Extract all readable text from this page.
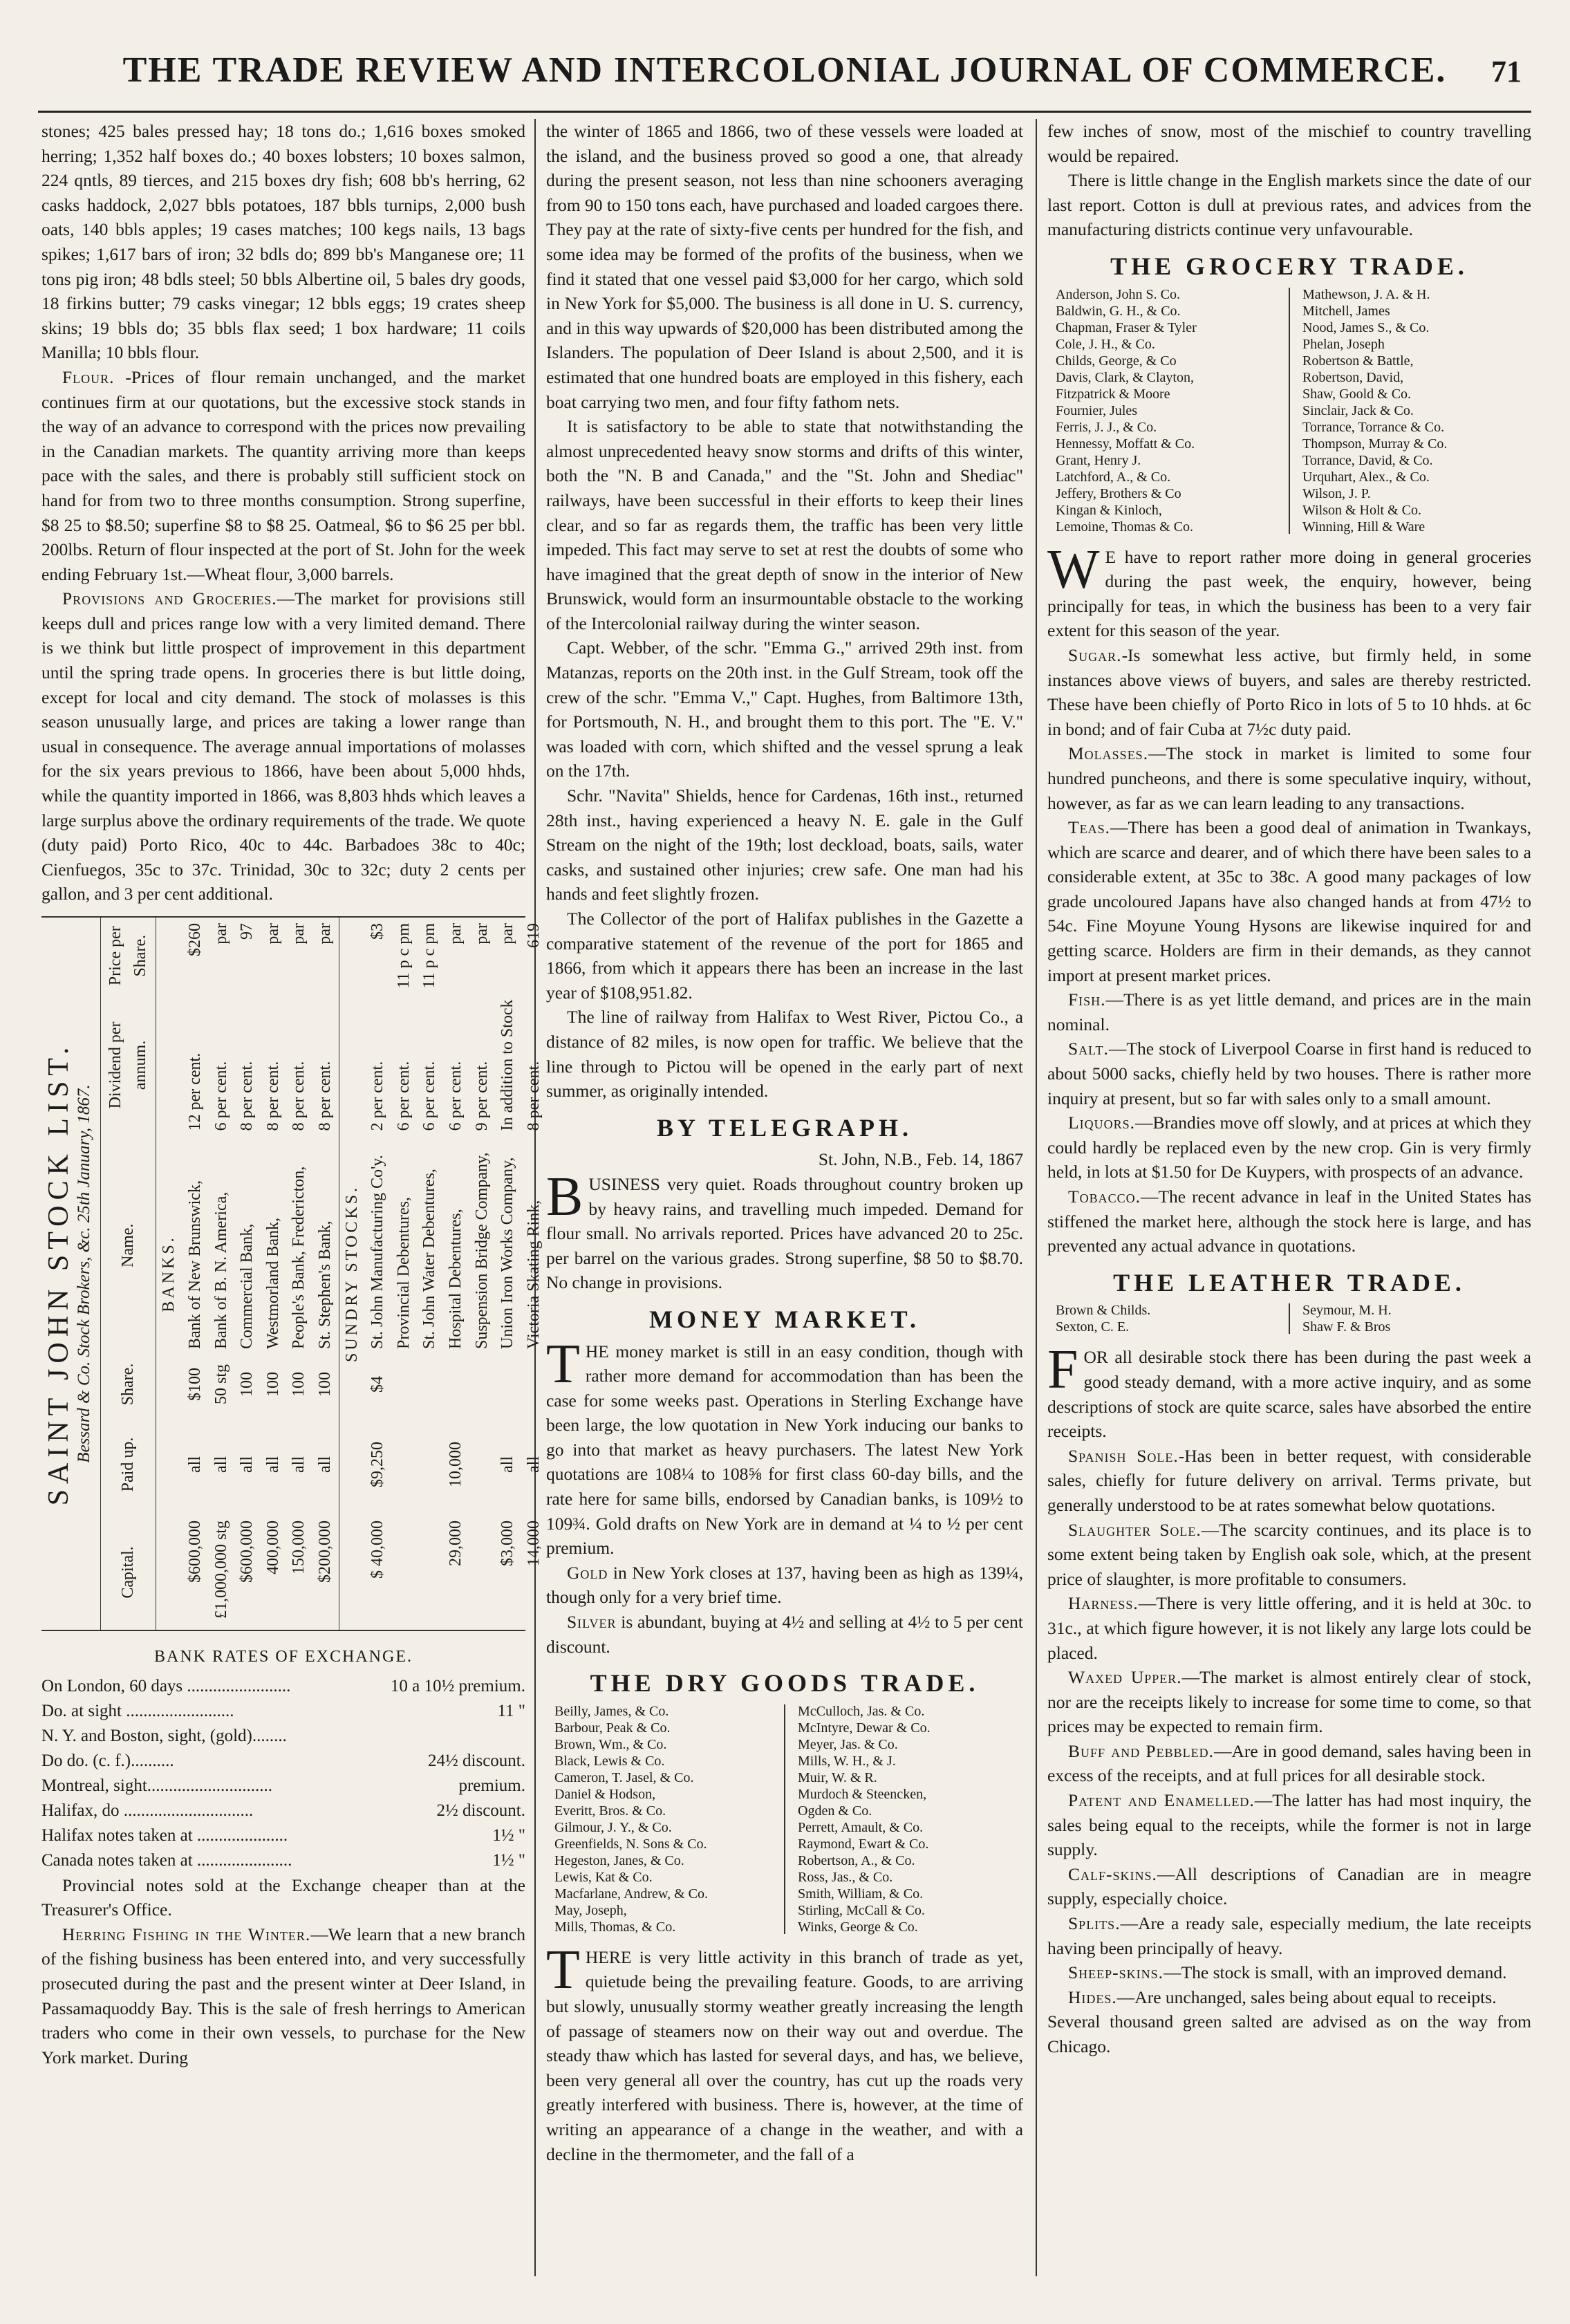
THE TRADE REVIEW AND INTERCOLONIAL JOURNAL OF COMMERCE.	71

stones; 425 bales pressed hay; 18 tons do.; 1,616 boxes smoked herring; 1,352 half boxes do.; 40 boxes lobsters; 10 boxes salmon, 224 qntls, 89 tierces, and 215 boxes dry fish; 608 bb's herring, 62 casks haddock, 2,027 bbls potatoes, 187 bbls turnips, 2,000 bush oats, 140 bbls apples; 19 cases matches; 100 kegs nails, 13 bags spikes; 1,617 bars of iron; 32 bdls do; 899 bb's Manganese ore; 11 tons pig iron; 48 bdls steel; 50 bbls Albertine oil, 5 bales dry goods, 18 firkins butter; 79 casks vinegar; 12 bbls eggs; 19 crates sheep skins; 19 bbls do; 35 bbls flax seed; 1 box hardware; 11 coils Manilla; 10 bbls flour.

Flour. -Prices of flour remain unchanged, and the market continues firm at our quotations, but the excessive stock stands in the way of an advance to correspond with the prices now prevailing in the Canadian markets. The quantity arriving more than keeps pace with the sales, and there is probably still sufficient stock on hand for from two to three months consumption. Strong superfine, $8 25 to $8.50; superfine $8 to $8 25. Oatmeal, $6 to $6 25 per bbl. 200lbs. Return of flour inspected at the port of St. John for the week ending February 1st.—Wheat flour, 3,000 barrels.

Provisions and Groceries.—The market for provisions still keeps dull and prices range low with a very limited demand. There is we think but little prospect of improvement in this department until the spring trade opens. In groceries there is but little doing, except for local and city demand. The stock of molasses is this season unusually large, and prices are taking a lower range than usual in consequence. The average annual importations of molasses for the six years previous to 1866, have been about 5,000 hhds, while the quantity imported in 1866, was 8,803 hhds which leaves a large surplus above the ordinary requirements of the trade. We quote (duty paid) Porto Rico, 40c to 44c. Barbadoes 38c to 40c; Cienfuegos, 35c to 37c. Trinidad, 30c to 32c; duty 2 cents per gallon, and 3 per cent additional.

SAINT JOHN STOCK LIST. Bessard & Co. Stock Brokers, &c. 25th January, 1867.
Capital.	Paid up.	Share.	Name.	Dividend per annum.	Price per Share.
BANKS.					
$600,000	all	$100	Bank of New Brunswick,	12 per cent.	$260
£1,000,000 stg	all	50 stg	Bank of B. N. America,	6 per cent.	par
$600,000	all	100	Commercial Bank,	8 per cent.	97
400,000	all	100	Westmorland Bank,	8 per cent.	par
150,000	all	100	People's Bank, Fredericton,	8 per cent.	par
$200,000	all	100	St. Stephen's Bank,	8 per cent.	par
SUNDRY STOCKS.					
$ 40,000	$9,250	$4	St. John Manufacturing Co'y.	2 per cent.	$3
			Provincial Debentures,	6 per cent.	11 p c pm
			St. John Water Debentures,	6 per cent.	11 p c pm
29,000	10,000		Hospital Debentures,	6 per cent.	par
			Suspension Bridge Company,	9 per cent.	par
$3,000	all		Union Iron Works Company,	In addition to Stock	par
14,000	all		Victoria Skating Rink,	8 per cent.	619
BANK RATES OF EXCHANGE.
On London, 60 days ........................	10 a 10½ premium.
Do. at sight .........................	11 "
N. Y. and Boston, sight, (gold)........
Do do. (c. f.)..........	24½ discount.
Montreal, sight.............................	premium.
Halifax, do ..............................	2½ discount.
Halifax notes taken at .....................	1½ "
Canada notes taken at ......................	1½ "

Provincial notes sold at the Exchange cheaper than at the Treasurer's Office.

Herring Fishing in the Winter.—We learn that a new branch of the fishing business has been entered into, and very successfully prosecuted during the past and the present winter at Deer Island, in Passamaquoddy Bay. This is the sale of fresh herrings to American traders who come in their own vessels, to purchase for the New York market. During

the winter of 1865 and 1866, two of these vessels were loaded at the island, and the business proved so good a one, that already during the present season, not less than nine schooners averaging from 90 to 150 tons each, have purchased and loaded cargoes there. They pay at the rate of sixty-five cents per hundred for the fish, and some idea may be formed of the profits of the business, when we find it stated that one vessel paid $3,000 for her cargo, which sold in New York for $5,000. The business is all done in U. S. currency, and in this way upwards of $20,000 has been distributed among the Islanders. The population of Deer Island is about 2,500, and it is estimated that one hundred boats are employed in this fishery, each boat carrying two men, and four fifty fathom nets.

It is satisfactory to be able to state that notwithstanding the almost unprecedented heavy snow storms and drifts of this winter, both the "N. B and Canada," and the "St. John and Shediac" railways, have been successful in their efforts to keep their lines clear, and so far as regards them, the traffic has been very little impeded. This fact may serve to set at rest the doubts of some who have imagined that the great depth of snow in the interior of New Brunswick, would form an insurmountable obstacle to the working of the Intercolonial railway during the winter season.

Capt. Webber, of the schr. "Emma G.," arrived 29th inst. from Matanzas, reports on the 20th inst. in the Gulf Stream, took off the crew of the schr. "Emma V.," Capt. Hughes, from Baltimore 13th, for Portsmouth, N. H., and brought them to this port. The "E. V." was loaded with corn, which shifted and the vessel sprung a leak on the 17th.

Schr. "Navita" Shields, hence for Cardenas, 16th inst., returned 28th inst., having experienced a heavy N. E. gale in the Gulf Stream on the night of the 19th; lost deckload, boats, sails, water casks, and sustained other injuries; crew safe. One man had his hands and feet slightly frozen.

The Collector of the port of Halifax publishes in the Gazette a comparative statement of the revenue of the port for 1865 and 1866, from which it appears there has been an increase in the last year of $108,951.82.

The line of railway from Halifax to West River, Pictou Co., a distance of 82 miles, is now open for traffic. We believe that the line through to Pictou will be opened in the early part of next summer, as originally intended.

BY TELEGRAPH.
St. John, N.B., Feb. 14, 1867

BUSINESS very quiet. Roads throughout country broken up by heavy rains, and travelling much impeded. Demand for flour small. No arrivals reported. Prices have advanced 20 to 25c. per barrel on the various grades. Strong superfine, $8 50 to $8.70. No change in provisions.

MONEY MARKET.

THE money market is still in an easy condition, though with rather more demand for accommodation than has been the case for some weeks past. Operations in Sterling Exchange have been large, the low quotation in New York inducing our banks to go into that market as heavy purchasers. The latest New York quotations are 108¼ to 108⅝ for first class 60-day bills, and the rate here for same bills, endorsed by Canadian banks, is 109½ to 109¾. Gold drafts on New York are in demand at ¼ to ½ per cent premium.

Gold in New York closes at 137, having been as high as 139¼, though only for a very brief time.

Silver is abundant, buying at 4½ and selling at 4½ to 5 per cent discount.

THE DRY GOODS TRADE.
Beilly, James, & Co.
Barbour, Peak & Co.
Brown, Wm., & Co.
Black, Lewis & Co.
Cameron, T. Jasel, & Co.
Daniel & Hodson,
Everitt, Bros. & Co.
Gilmour, J. Y., & Co.
Greenfields, N. Sons & Co.
Hegeston, Janes, & Co.
Lewis, Kat & Co.
Macfarlane, Andrew, & Co.
May, Joseph,
Mills, Thomas, & Co.
McCulloch, Jas. & Co.
McIntyre, Dewar & Co.
Meyer, Jas. & Co.
Mills, W. H., & J.
Muir, W. & R.
Murdoch & Steencken,
Ogden & Co.
Perrett, Amault, & Co.
Raymond, Ewart & Co.
Robertson, A., & Co.
Ross, Jas., & Co.
Smith, William, & Co.
Stirling, McCall & Co.
Winks, George & Co.

THERE is very little activity in this branch of trade as yet, quietude being the prevailing feature. Goods, to are arriving but slowly, unusually stormy weather greatly increasing the length of passage of steamers now on their way out and overdue. The steady thaw which has lasted for several days, and has, we believe, been very general all over the country, has cut up the roads very greatly interfered with business. There is, however, at the time of writing an appearance of a change in the weather, and with a decline in the thermometer, and the fall of a

few inches of snow, most of the mischief to country travelling would be repaired.

There is little change in the English markets since the date of our last report. Cotton is dull at previous rates, and advices from the manufacturing districts continue very unfavourable.

THE GROCERY TRADE.
Anderson, John S. Co.
Baldwin, G. H., & Co.
Chapman, Fraser & Tyler
Cole, J. H., & Co.
Childs, George, & Co
Davis, Clark, & Clayton,
Fitzpatrick & Moore
Fournier, Jules
Ferris, J. J., & Co.
Hennessy, Moffatt & Co.
Grant, Henry J.
Latchford, A., & Co.
Jeffery, Brothers & Co
Kingan & Kinloch,
Lemoine, Thomas & Co.
Mathewson, J. A. & H.
Mitchell, James
Nood, James S., & Co.
Phelan, Joseph
Robertson & Battle,
Robertson, David,
Shaw, Goold & Co.
Sinclair, Jack & Co.
Torrance, Torrance & Co.
Thompson, Murray & Co.
Torrance, David, & Co.
Urquhart, Alex., & Co.
Wilson, J. P.
Wilson & Holt & Co.
Winning, Hill & Ware

W E have to report rather more doing in general groceries during the past week, the enquiry, however, being principally for teas, in which the business has been to a very fair extent for this season of the year.

Sugar.-Is somewhat less active, but firmly held, in some instances above views of buyers, and sales are thereby restricted. These have been chiefly of Porto Rico in lots of 5 to 10 hhds. at 6c in bond; and of fair Cuba at 7½c duty paid.

Molasses.—The stock in market is limited to some four hundred puncheons, and there is some speculative inquiry, without, however, as far as we can learn leading to any transactions.

Teas.—There has been a good deal of animation in Twankays, which are scarce and dearer, and of which there have been sales to a considerable extent, at 35c to 38c. A good many packages of low grade uncoloured Japans have also changed hands at from 47½ to 54c. Fine Moyune Young Hysons are likewise inquired for and getting scarce. Holders are firm in their demands, as they cannot import at present market prices.

Fish.—There is as yet little demand, and prices are in the main nominal.

Salt.—The stock of Liverpool Coarse in first hand is reduced to about 5000 sacks, chiefly held by two houses. There is rather more inquiry at present, but so far with sales only to a small amount.

Liquors.—Brandies move off slowly, and at prices at which they could hardly be replaced even by the new crop. Gin is very firmly held, in lots at $1.50 for De Kuypers, with prospects of an advance.

Tobacco.—The recent advance in leaf in the United States has stiffened the market here, although the stock here is large, and has prevented any actual advance in quotations.

THE LEATHER TRADE.
Brown & Childs.
Sexton, C. E.
Seymour, M. H.
Shaw F. & Bros

FOR all desirable stock there has been during the past week a good steady demand, with a more active inquiry, and as some descriptions of stock are quite scarce, sales have absorbed the entire receipts.

Spanish Sole.-Has been in better request, with considerable sales, chiefly for future delivery on arrival. Terms private, but generally understood to be at rates somewhat below quotations.

Slaughter Sole.—The scarcity continues, and its place is to some extent being taken by English oak sole, which, at the present price of slaughter, is more profitable to consumers.

Harness.—There is very little offering, and it is held at 30c. to 31c., at which figure however, it is not likely any large lots could be placed.

Waxed Upper.—The market is almost entirely clear of stock, nor are the receipts likely to increase for some time to come, so that prices may be expected to remain firm.

Buff and Pebbled.—Are in good demand, sales having been in excess of the receipts, and at full prices for all desirable stock.

Patent and Enamelled.—The latter has had most inquiry, the sales being equal to the receipts, while the former is not in large supply.

Calf-skins.—All descriptions of Canadian are in meagre supply, especially choice.

Splits.—Are a ready sale, especially medium, the late receipts having been principally of heavy.

Sheep-skins.—The stock is small, with an improved demand.

Hides.—Are unchanged, sales being about equal to receipts.

Several thousand green salted are advised as on the way from Chicago.
